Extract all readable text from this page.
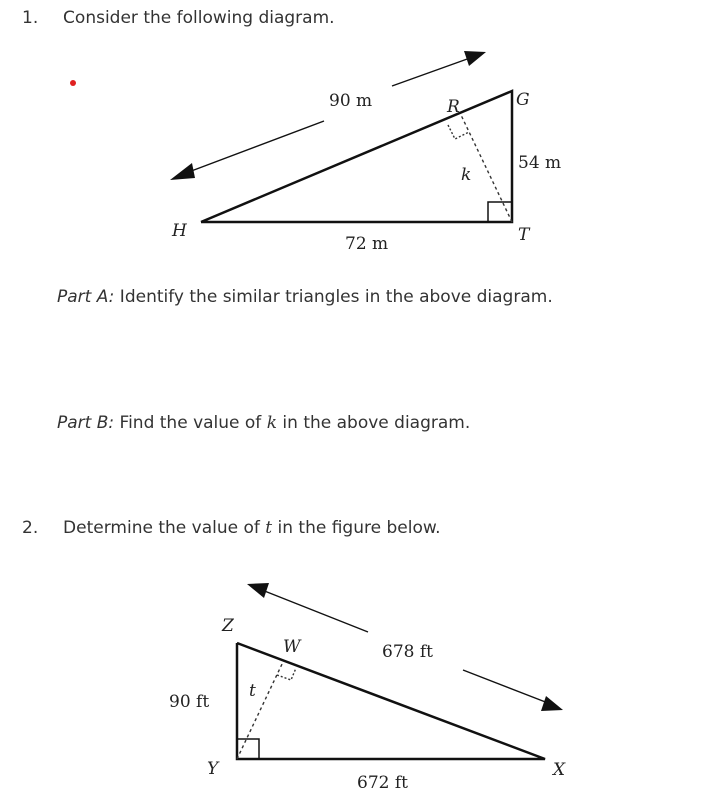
1. Consider the following diagram.
90 m
54 m
72 m
H
G
T
R
k
678 ft
90 ft
672 ft
Z
W
Y	X
t
Part A: Identify the similar triangles in the above diagram.
Part B: Find the value of k in the above diagram.
2. Determine the value of t in the figure below.
